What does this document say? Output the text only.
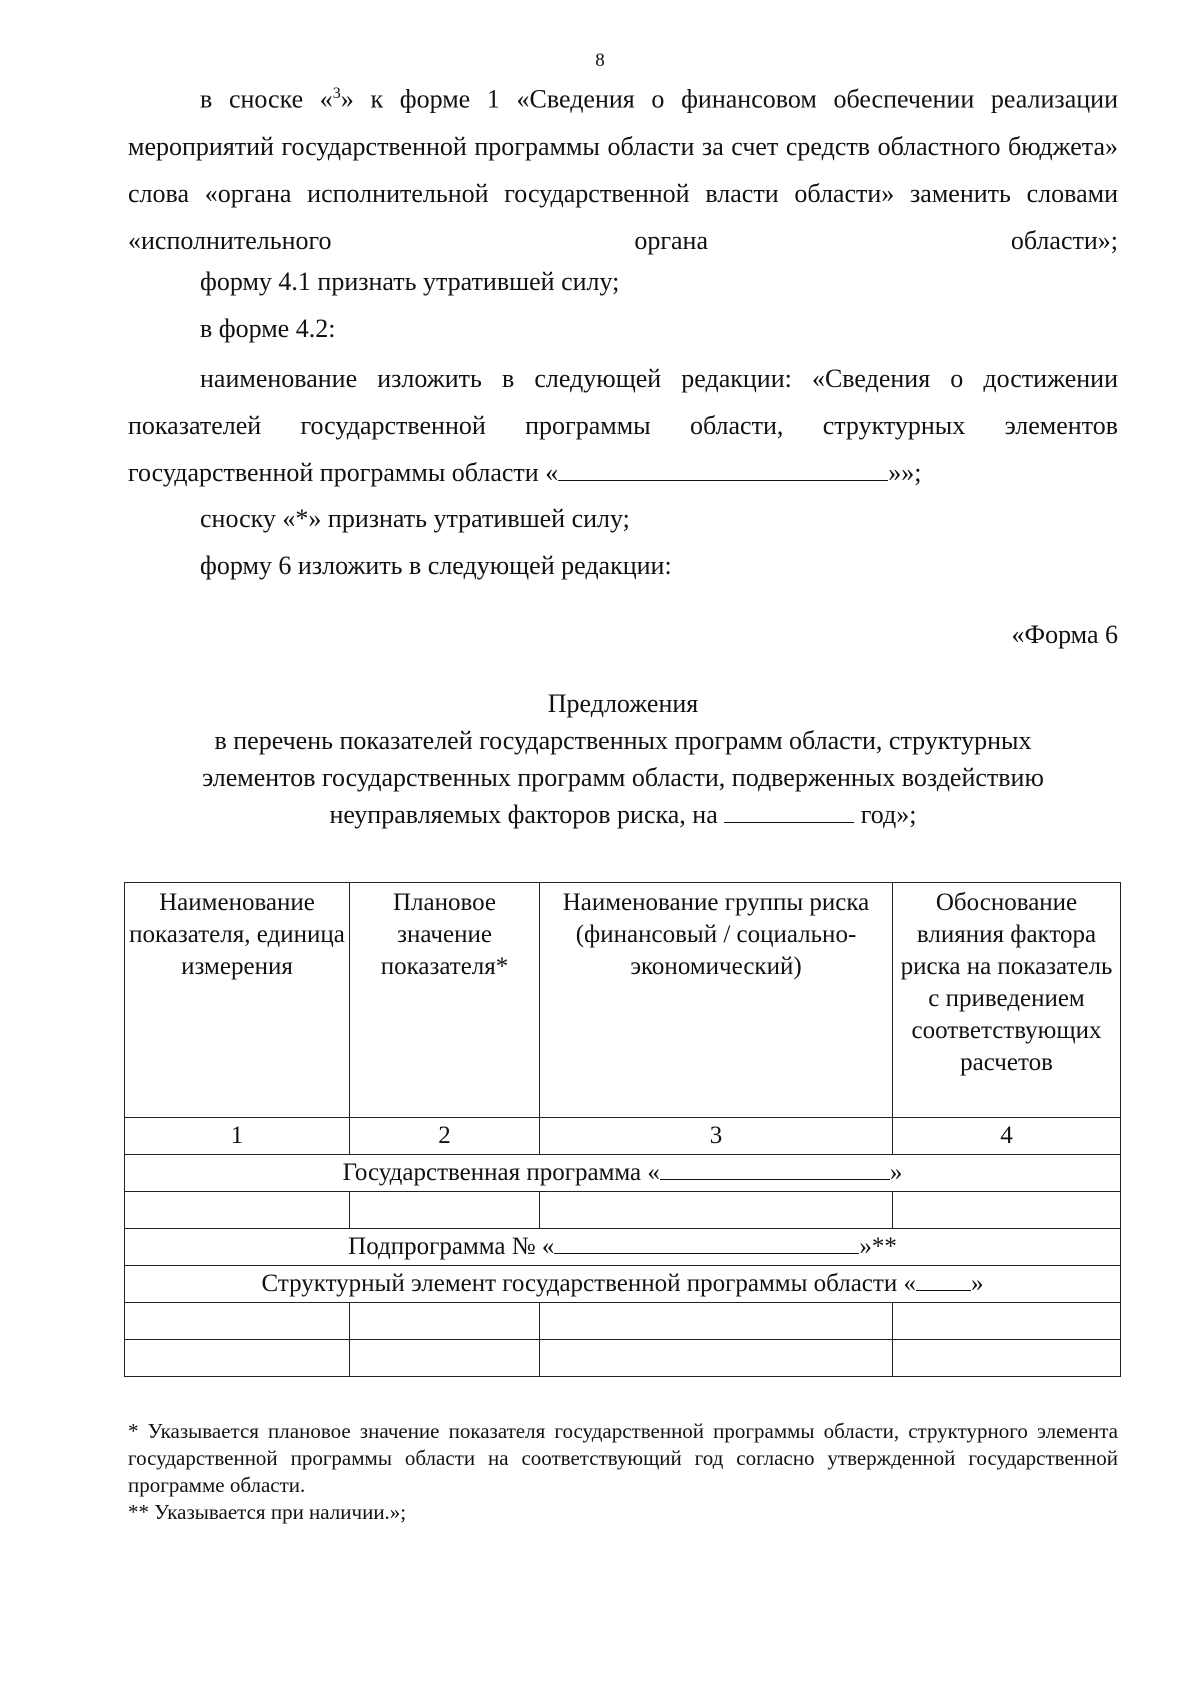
8

в сноске «$^3$» к форме 1 «Сведения о финансовом обеспечении реализации мероприятий государственной программы области за счет средств областного бюджета» слова «органа исполнительной государственной власти области» заменить словами «исполнительного органа области»;

форму 4.1 признать утратившей силу;

в форме 4.2:

наименование изложить в следующей редакции: «Сведения о достижении показателей государственной программы области, структурных элементов государственной программы области «	»»;

сноску «*» признать утратившей силу;

форму 6 изложить в следующей редакции:

«Форма 6

Предложения

в перечень показателей государственных программ области, структурных

элементов государственных программ области, подверженных воздействию

неуправляемых факторов риска, на	год»;

Наименование показателя, единица измерения	Плановое значение показателя*	Наименование группы риска (финансовый / социально-экономический)	Обоснование влияния фактора риска на показатель с приведением соответствующих расчетов
1	2	3	4
Государственная программа « »			

Подпрограмма № « »**			
Структурный элемент государственной программы области « »			

* Указывается плановое значение показателя государственной программы области, структурного элемента государственной программы области на соответствующий год согласно утвержденной государственной программе области.

** Указывается при наличии.»;
